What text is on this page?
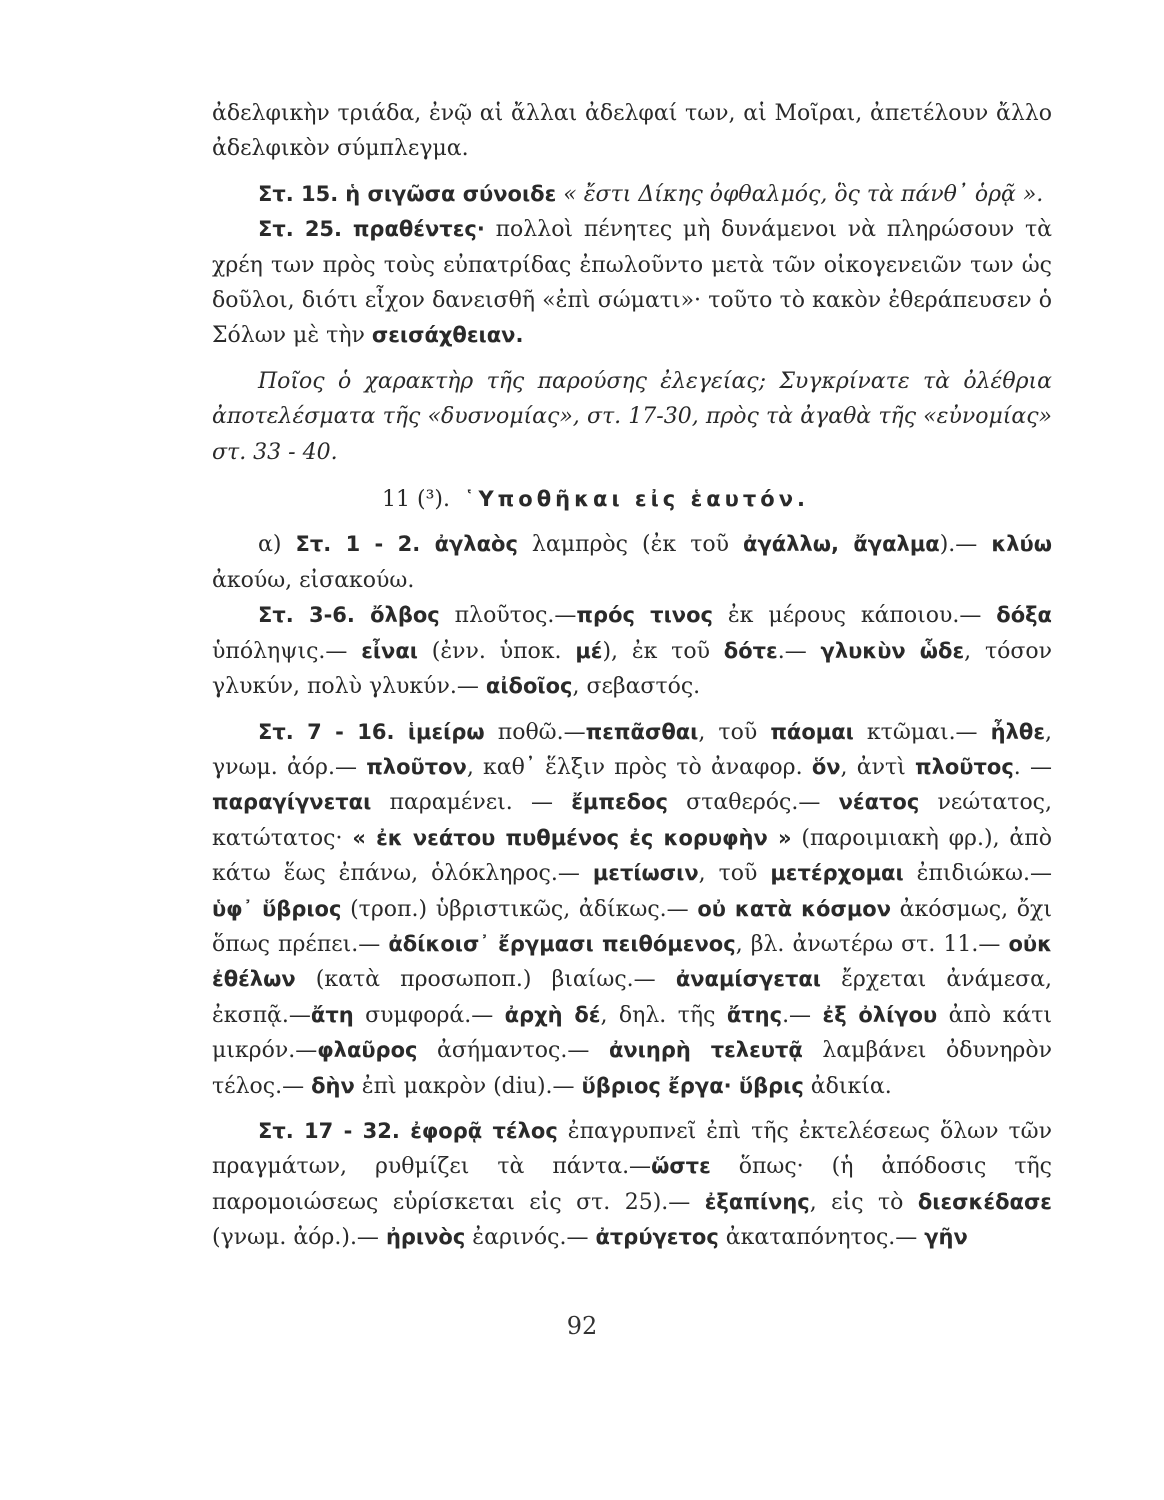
ἀδελφικὴν τριάδα, ἐνῷ αἱ ἄλλαι ἀδελφαί των, αἱ Μοῖραι, ἀπετέλουν ἄλλο ἀδελφικὸν σύμπλεγμα.

Στ. 15. ἡ σιγῶσα σύνοιδε « ἔστι Δίκης ὀφθαλμός, ὃς τὰ πάνθ᾽ ὁρᾷ ».

Στ. 25. πραθέντες· πολλοὶ πένητες μὴ δυνάμενοι νὰ πληρώσουν τὰ χρέη των πρὸς τοὺς εὐπατρίδας ἐπωλοῦντο μετὰ τῶν οἰκογενειῶν των ὡς δοῦλοι, διότι εἶχον δανεισθῆ «ἐπὶ σώματι»· τοῦτο τὸ κακὸν ἐθεράπευσεν ὁ Σόλων μὲ τὴν σεισάχθειαν.

Ποῖος ὁ χαρακτὴρ τῆς παρούσης ἐλεγείας; Συγκρίνατε τὰ ὀλέθρια ἀποτελέσματα τῆς «δυσνομίας», στ. 17-30, πρὸς τὰ ἀγαθὰ τῆς «εὐνομίας» στ. 33 - 40.

11 (³). ῾Υποθῆκαι εἰς ἑαυτόν.

α) Στ. 1 - 2. ἀγλαὸς λαμπρὸς (ἐκ τοῦ ἀγάλλω, ἄγαλμα).— κλύω ἀκούω, εἰσακούω.

Στ. 3-6. ὄλβος πλοῦτος.—πρός τινος ἐκ μέρους κάποιου.— δόξα ὑπόληψις.— εἶναι (ἐνν. ὑποκ. μέ), ἐκ τοῦ δότε.— γλυκὺν ὧδε, τόσον γλυκύν, πολὺ γλυκύν.— αἰδοῖος, σεβαστός.

Στ. 7 - 16. ἱμείρω ποθῶ.—πεπᾶσθαι, τοῦ πάομαι κτῶμαι.— ἦλθε, γνωμ. ἀόρ.— πλοῦτον, καθ᾽ ἕλξιν πρὸς τὸ ἀναφορ. ὅν, ἀντὶ πλοῦτος. — παραγίγνεται παραμένει. — ἔμπεδος σταθερός.— νέατος νεώτατος, κατώτατος· « ἐκ νεάτου πυθμένος ἐς κορυφὴν » (παροιμιακὴ φρ.), ἀπὸ κάτω ἕως ἐπάνω, ὁλόκληρος.— μετίωσιν, τοῦ μετέρχομαι ἐπιδιώκω.— ὑφ᾽ ὕβριος (τροπ.) ὑβριστικῶς, ἀδίκως.— οὐ κατὰ κόσμον ἀκόσμως, ὄχι ὅπως πρέπει.— ἀδίκοισ᾽ ἔργμασι πειθόμενος, βλ. ἀνωτέρω στ. 11.— οὐκ ἐθέλων (κατὰ προσωποπ.) βιαίως.— ἀναμίσγεται ἔρχεται ἀνάμεσα, ἐκσπᾷ.—ἄτη συμφορά.— ἀρχὴ δέ, δηλ. τῆς ἄτης.— ἐξ ὀλίγου ἀπὸ κάτι μικρόν.—φλαῦρος ἀσήμαντος.— ἀνιηρὴ τελευτᾷ λαμβάνει ὀδυνηρὸν τέλος.— δὴν ἐπὶ μακρὸν (diu).— ὕβριος ἔργα· ὕβρις ἀδικία.

Στ. 17 - 32. ἐφορᾷ τέλος ἐπαγρυπνεῖ ἐπὶ τῆς ἐκτελέσεως ὅλων τῶν πραγμάτων, ρυθμίζει τὰ πάντα.—ὥστε ὅπως· (ἡ ἀπόδοσις τῆς παρομοιώσεως εὑρίσκεται εἰς στ. 25).— ἐξαπίνης, εἰς τὸ διεσκέδασε (γνωμ. ἀόρ.).— ἠρινὸς ἐαρινός.— ἀτρύγετος ἀκαταπόνητος.— γῆν

92
